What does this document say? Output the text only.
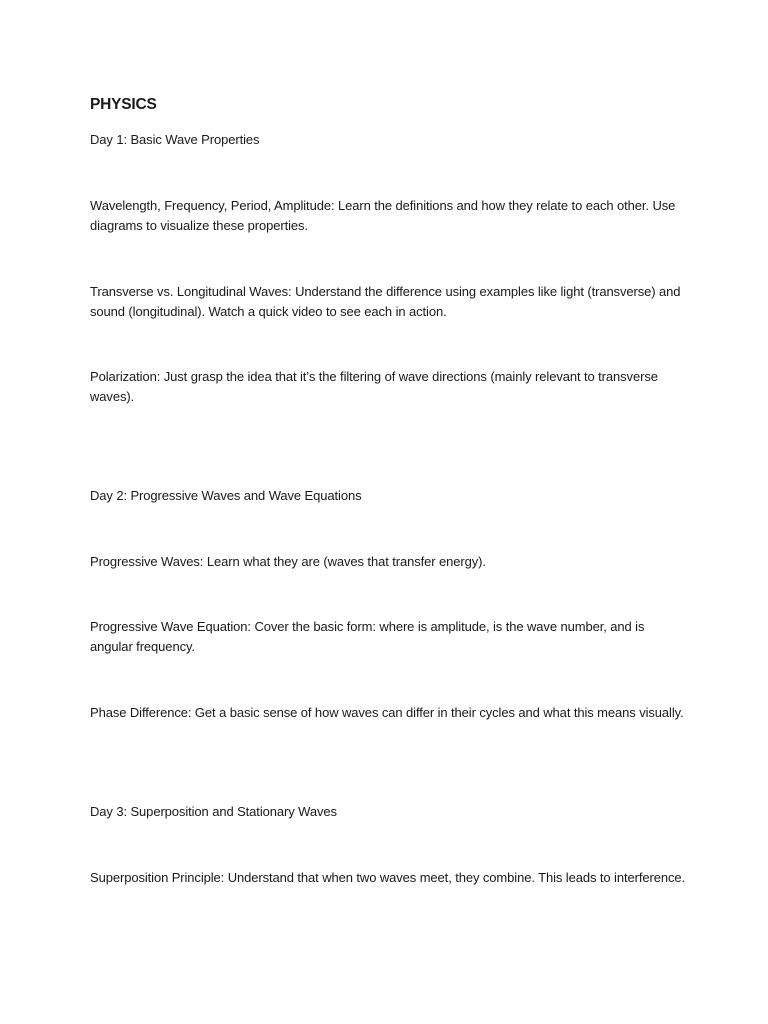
PHYSICS

Day 1: Basic Wave Properties

Wavelength, Frequency, Period, Amplitude: Learn the definitions and how they relate to each other. Use diagrams to visualize these properties.

Transverse vs. Longitudinal Waves: Understand the difference using examples like light (transverse) and sound (longitudinal). Watch a quick video to see each in action.

Polarization: Just grasp the idea that it’s the filtering of wave directions (mainly relevant to transverse waves).

Day 2: Progressive Waves and Wave Equations

Progressive Waves: Learn what they are (waves that transfer energy).

Progressive Wave Equation: Cover the basic form: where is amplitude, is the wave number, and is angular frequency.

Phase Difference: Get a basic sense of how waves can differ in their cycles and what this means visually.

Day 3: Superposition and Stationary Waves

Superposition Principle: Understand that when two waves meet, they combine. This leads to interference.
